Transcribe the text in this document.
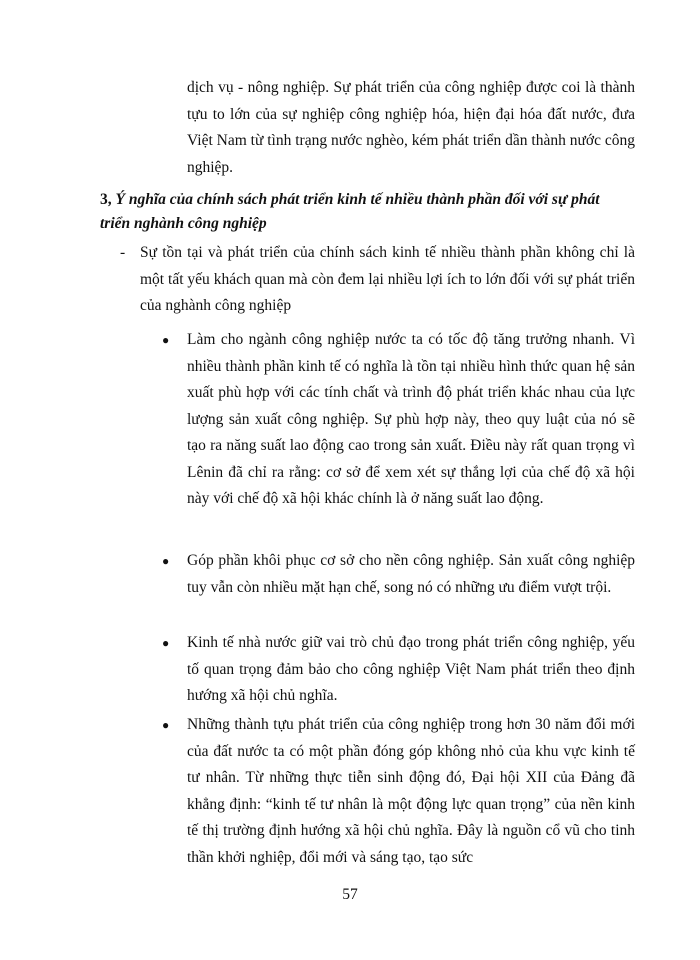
dịch vụ - nông nghiệp. Sự phát triển của công nghiệp được coi là thành tựu to lớn của sự nghiệp công nghiệp hóa, hiện đại hóa đất nước, đưa Việt Nam từ tình trạng nước nghèo, kém phát triển dần thành nước công nghiệp.

3, Ý nghĩa của chính sách phát triển kinh tế nhiều thành phần đối với sự phát triển nghành công nghiệp
- Sự tồn tại và phát triển của chính sách kinh tế nhiều thành phần không chỉ là một tất yếu khách quan mà còn đem lại nhiều lợi ích to lớn đối với sự phát triển của nghành công nghiệp
●	Làm cho ngành công nghiệp nước ta có tốc độ tăng trưởng nhanh. Vì nhiều thành phần kinh tế có nghĩa là tồn tại nhiều hình thức quan hệ sản xuất phù hợp với các tính chất và trình độ phát triển khác nhau của lực lượng sản xuất công nghiệp. Sự phù hợp này, theo quy luật của nó sẽ tạo ra năng suất lao động cao trong sản xuất. Điều này rất quan trọng vì Lênin đã chỉ ra rằng: cơ sở để xem xét sự thắng lợi của chế độ xã hội này với chế độ xã hội khác chính là ở năng suất lao động.
●	Góp phần khôi phục cơ sở cho nền công nghiệp. Sản xuất công nghiệp tuy vẫn còn nhiều mặt hạn chế, song nó có những ưu điểm vượt trội.
●	Kinh tế nhà nước giữ vai trò chủ đạo trong phát triển công nghiệp, yếu tố quan trọng đảm bảo cho công nghiệp Việt Nam phát triển theo định hướng xã hội chủ nghĩa.
●	Những thành tựu phát triển của công nghiệp trong hơn 30 năm đổi mới của đất nước ta có một phần đóng góp không nhỏ của khu vực kinh tế tư nhân. Từ những thực tiễn sinh động đó, Đại hội XII của Đảng đã khẳng định: “kinh tế tư nhân là một động lực quan trọng” của nền kinh tế thị trường định hướng xã hội chủ nghĩa. Đây là nguồn cổ vũ cho tinh thần khởi nghiệp, đổi mới và sáng tạo, tạo sức
57
